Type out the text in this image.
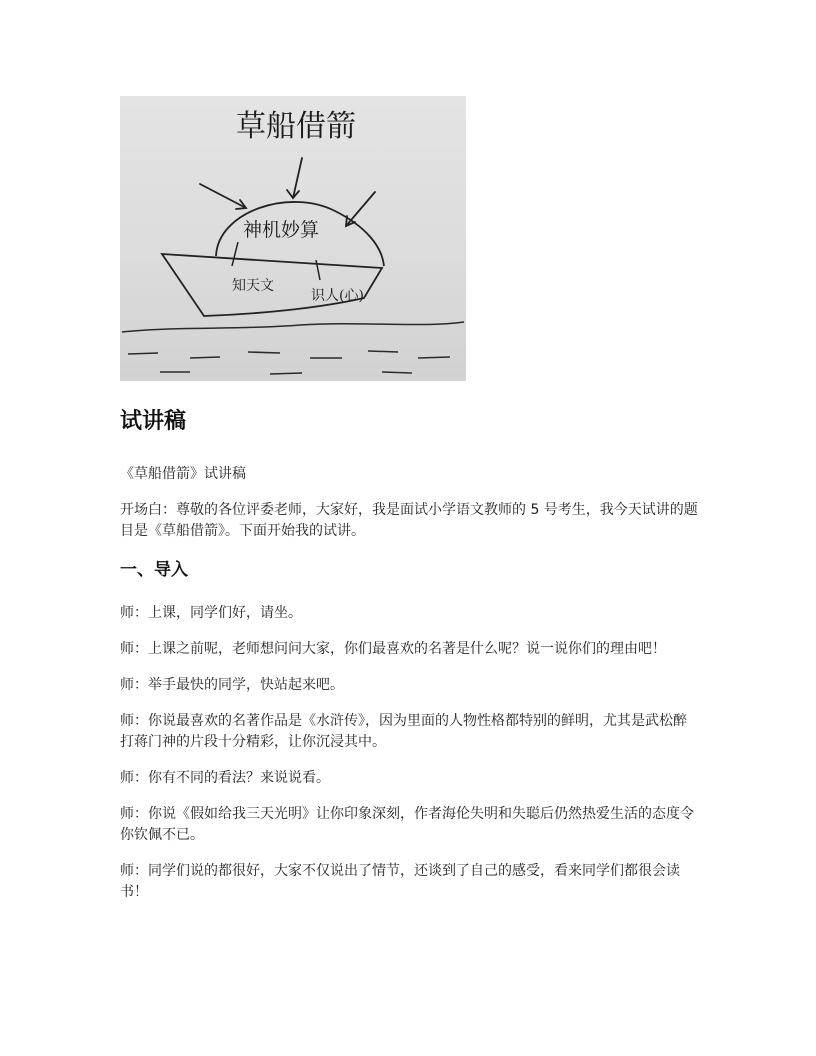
草船借箭
神机妙算
知天文
识人(心)
试讲稿

《草船借箭》试讲稿

开场白：尊敬的各位评委老师，大家好，我是面试小学语文教师的 5 号考生，我今天试讲的题目是《草船借箭》。下面开始我的试讲。

一、导入

师：上课，同学们好，请坐。

师：上课之前呢，老师想问问大家，你们最喜欢的名著是什么呢？说一说你们的理由吧！

师：举手最快的同学，快站起来吧。

师：你说最喜欢的名著作品是《水浒传》，因为里面的人物性格都特别的鲜明，尤其是武松醉打蒋门神的片段十分精彩，让你沉浸其中。

师：你有不同的看法？来说说看。

师：你说《假如给我三天光明》让你印象深刻，作者海伦失明和失聪后仍然热爱生活的态度令你钦佩不已。

师：同学们说的都很好，大家不仅说出了情节，还谈到了自己的感受，看来同学们都很会读书！
